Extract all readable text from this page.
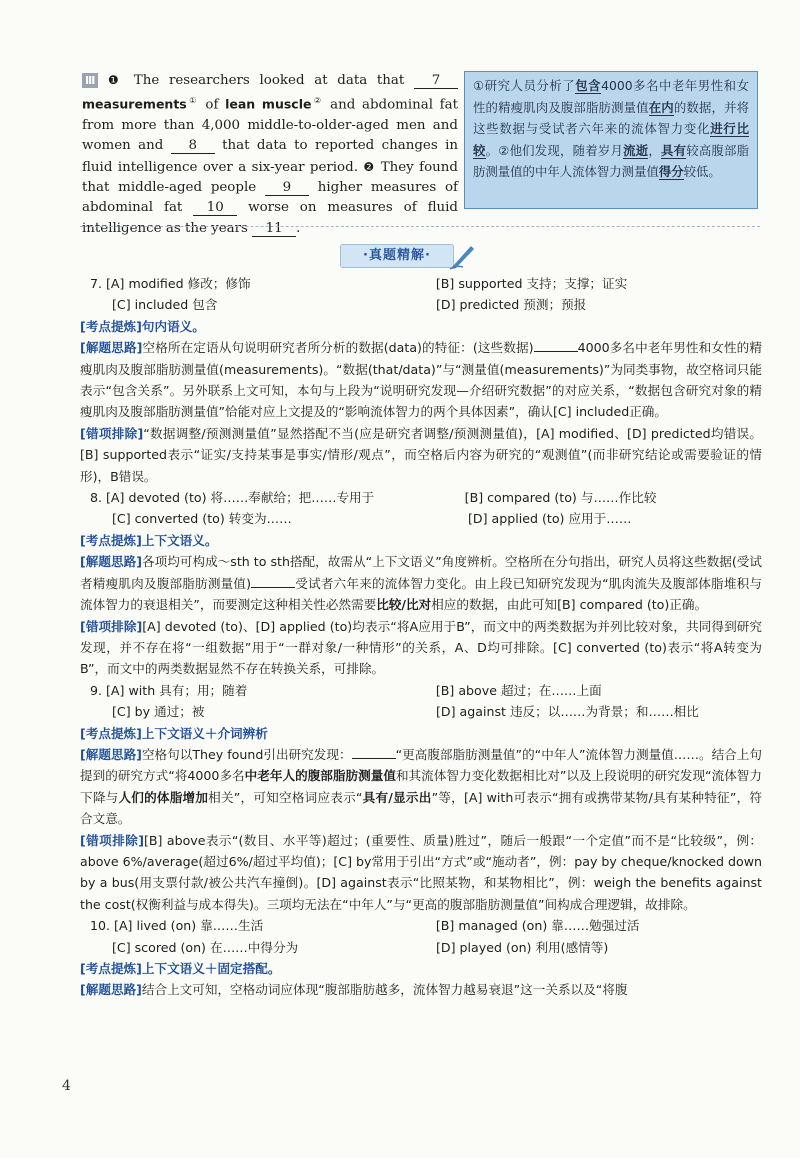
Ⅲ ❶ The researchers looked at data that 7 measurements① of lean muscle② and abdominal fat from more than 4,000 middle-to-older-aged men and women and 8 that data to reported changes in fluid intelligence over a six-year period. ❷ They found that middle-aged people 9 higher measures of abdominal fat 10 worse on measures of fluid intelligence as the years 11 .
①研究人员分析了包含4000多名中老年男性和女性的精瘦肌肉及腹部脂肪测量值在内的数据，并将这些数据与受试者六年来的流体智力变化进行比较。②他们发现，随着岁月流逝，具有较高腹部脂肪测量值的中年人流体智力测量值得分较低。
·真题精解·
7. [A] modified 修改；修饰	[B] supported 支持；支撑；证实
[C] included 包含	[D] predicted 预测；预报
[考点提炼]句内语义。
[解题思路]空格所在定语从句说明研究者所分析的数据(data)的特征：(这些数据)	4000多名中老年男性和女性的精瘦肌肉及腹部脂肪测量值(measurements)。“数据(that/data)”与“测量值(measurements)”为同类事物，故空格词只能表示“包含关系”。另外联系上文可知，本句与上段为“说明研究发现—介绍研究数据”的对应关系，“数据包含研究对象的精瘦肌肉及腹部脂肪测量值”恰能对应上文提及的“影响流体智力的两个具体因素”，确认[C] included正确。
[错项排除]“数据调整/预测测量值”显然搭配不当(应是研究者调整/预测测量值)，[A] modified、[D] predicted均错误。[B] supported表示“证实/支持某事是事实/情形/观点”，而空格后内容为研究的“观测值”(而非研究结论或需要验证的情形)，B错误。
8. [A] devoted (to) 将……奉献给；把……专用于	[B] compared (to) 与……作比较
[C] converted (to) 转变为……	[D] applied (to) 应用于……
[考点提炼]上下文语义。
[解题思路]各项均可构成～sth to sth搭配，故需从“上下文语义”角度辨析。空格所在分句指出，研究人员将这些数据(受试者精瘦肌肉及腹部脂肪测量值)	受试者六年来的流体智力变化。由上段已知研究发现为“肌肉流失及腹部体脂堆积与流体智力的衰退相关”，而要测定这种相关性必然需要比较/比对相应的数据，由此可知[B] compared (to)正确。
[错项排除][A] devoted (to)、[D] applied (to)均表示“将A应用于B”，而文中的两类数据为并列比较对象，共同得到研究发现，并不存在将“一组数据”用于“一群对象/一种情形”的关系，A、D均可排除。[C] converted (to)表示“将A转变为B”，而文中的两类数据显然不存在转换关系，可排除。
9. [A] with 具有；用；随着	[B] above 超过；在……上面
[C] by 通过；被	[D] against 违反；以……为背景；和……相比
[考点提炼]上下文语义＋介词辨析
[解题思路]空格句以They found引出研究发现：	“更高腹部脂肪测量值”的“中年人”流体智力测量值……。结合上句提到的研究方式“将4000多名中老年人的腹部脂肪测量值和其流体智力变化数据相比对”以及上段说明的研究发现“流体智力下降与人们的体脂增加相关”，可知空格词应表示“具有/显示出”等，[A] with可表示“拥有或携带某物/具有某种特征”，符合文意。
[错项排除][B] above表示“(数目、水平等)超过；(重要性、质量)胜过”，随后一般跟“一个定值”而不是“比较级”，例：above 6%/average(超过6%/超过平均值)；[C] by常用于引出“方式”或“施动者”，例：pay by cheque/knocked down by a bus(用支票付款/被公共汽车撞倒)。[D] against表示“比照某物，和某物相比”，例：weigh the benefits against the cost(权衡利益与成本得失)。三项均无法在“中年人”与“更高的腹部脂肪测量值”间构成合理逻辑，故排除。
10. [A] lived (on) 靠……生活	[B] managed (on) 靠……勉强过活
[C] scored (on) 在……中得分为	[D] played (on) 利用(感情等)
[考点提炼]上下文语义＋固定搭配。
[解题思路]结合上文可知，空格动词应体现“腹部脂肪越多，流体智力越易衰退”这一关系以及“将腹
4
